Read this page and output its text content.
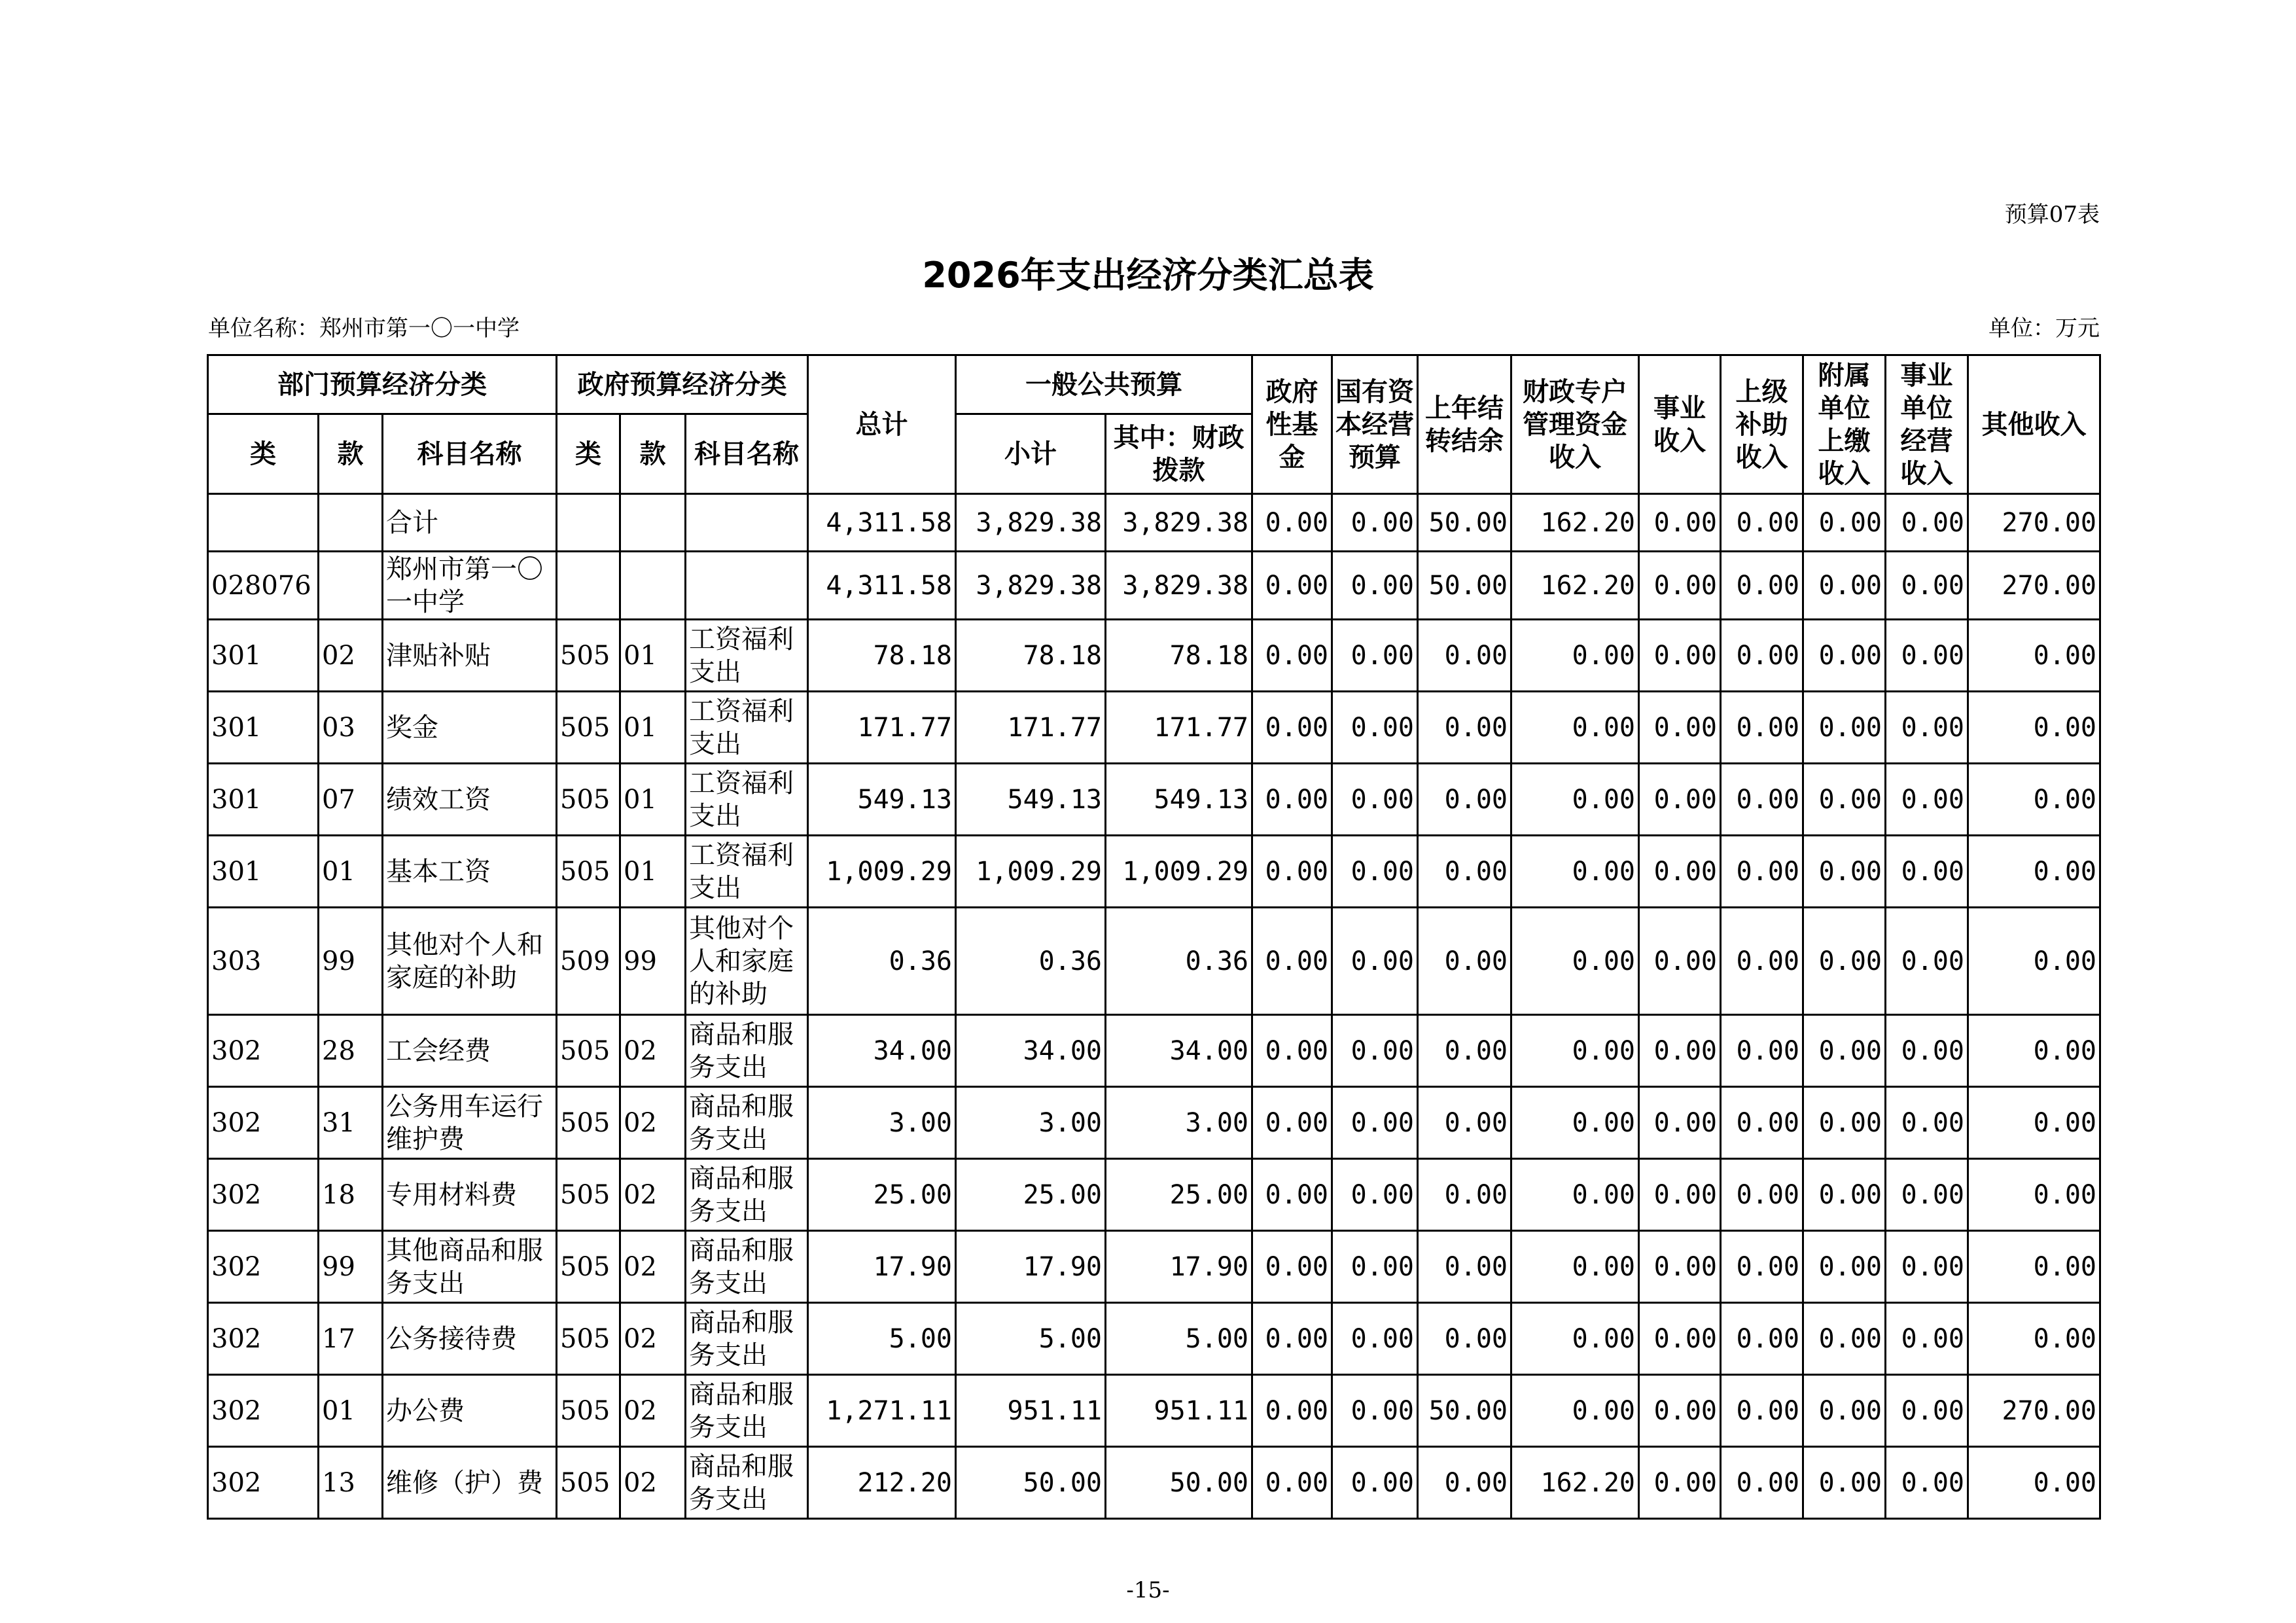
预算07表
2026年支出经济分类汇总表
单位名称：郑州市第一〇一中学	单位：万元
部门预算经济分类			政府预算经济分类			总计	一般公共预算		政府性基金	国有资本经营预算	上年结转结余	财政专户管理资金收入	事业收入	上级补助收入	附属单位上缴收入	事业单位经营收入	其他收入
类	款	科目名称	类	款	科目名称		小计	其中：财政拨款									
		合计				4,311.58	3,829.38	3,829.38	0.00	0.00	50.00	162.20	0.00	0.00	0.00	0.00	270.00
028076		郑州市第一〇一中学				4,311.58	3,829.38	3,829.38	0.00	0.00	50.00	162.20	0.00	0.00	0.00	0.00	270.00
301	02	津贴补贴	505	01	工资福利支出	78.18	78.18	78.18	0.00	0.00	0.00	0.00	0.00	0.00	0.00	0.00	0.00
301	03	奖金	505	01	工资福利支出	171.77	171.77	171.77	0.00	0.00	0.00	0.00	0.00	0.00	0.00	0.00	0.00
301	07	绩效工资	505	01	工资福利支出	549.13	549.13	549.13	0.00	0.00	0.00	0.00	0.00	0.00	0.00	0.00	0.00
301	01	基本工资	505	01	工资福利支出	1,009.29	1,009.29	1,009.29	0.00	0.00	0.00	0.00	0.00	0.00	0.00	0.00	0.00
303	99	其他对个人和家庭的补助	509	99	其他对个人和家庭的补助	0.36	0.36	0.36	0.00	0.00	0.00	0.00	0.00	0.00	0.00	0.00	0.00
302	28	工会经费	505	02	商品和服务支出	34.00	34.00	34.00	0.00	0.00	0.00	0.00	0.00	0.00	0.00	0.00	0.00
302	31	公务用车运行维护费	505	02	商品和服务支出	3.00	3.00	3.00	0.00	0.00	0.00	0.00	0.00	0.00	0.00	0.00	0.00
302	18	专用材料费	505	02	商品和服务支出	25.00	25.00	25.00	0.00	0.00	0.00	0.00	0.00	0.00	0.00	0.00	0.00
302	99	其他商品和服务支出	505	02	商品和服务支出	17.90	17.90	17.90	0.00	0.00	0.00	0.00	0.00	0.00	0.00	0.00	0.00
302	17	公务接待费	505	02	商品和服务支出	5.00	5.00	5.00	0.00	0.00	0.00	0.00	0.00	0.00	0.00	0.00	0.00
302	01	办公费	505	02	商品和服务支出	1,271.11	951.11	951.11	0.00	0.00	50.00	0.00	0.00	0.00	0.00	0.00	270.00
302	13	维修（护）费	505	02	商品和服务支出	212.20	50.00	50.00	0.00	0.00	0.00	162.20	0.00	0.00	0.00	0.00	0.00
-15-
